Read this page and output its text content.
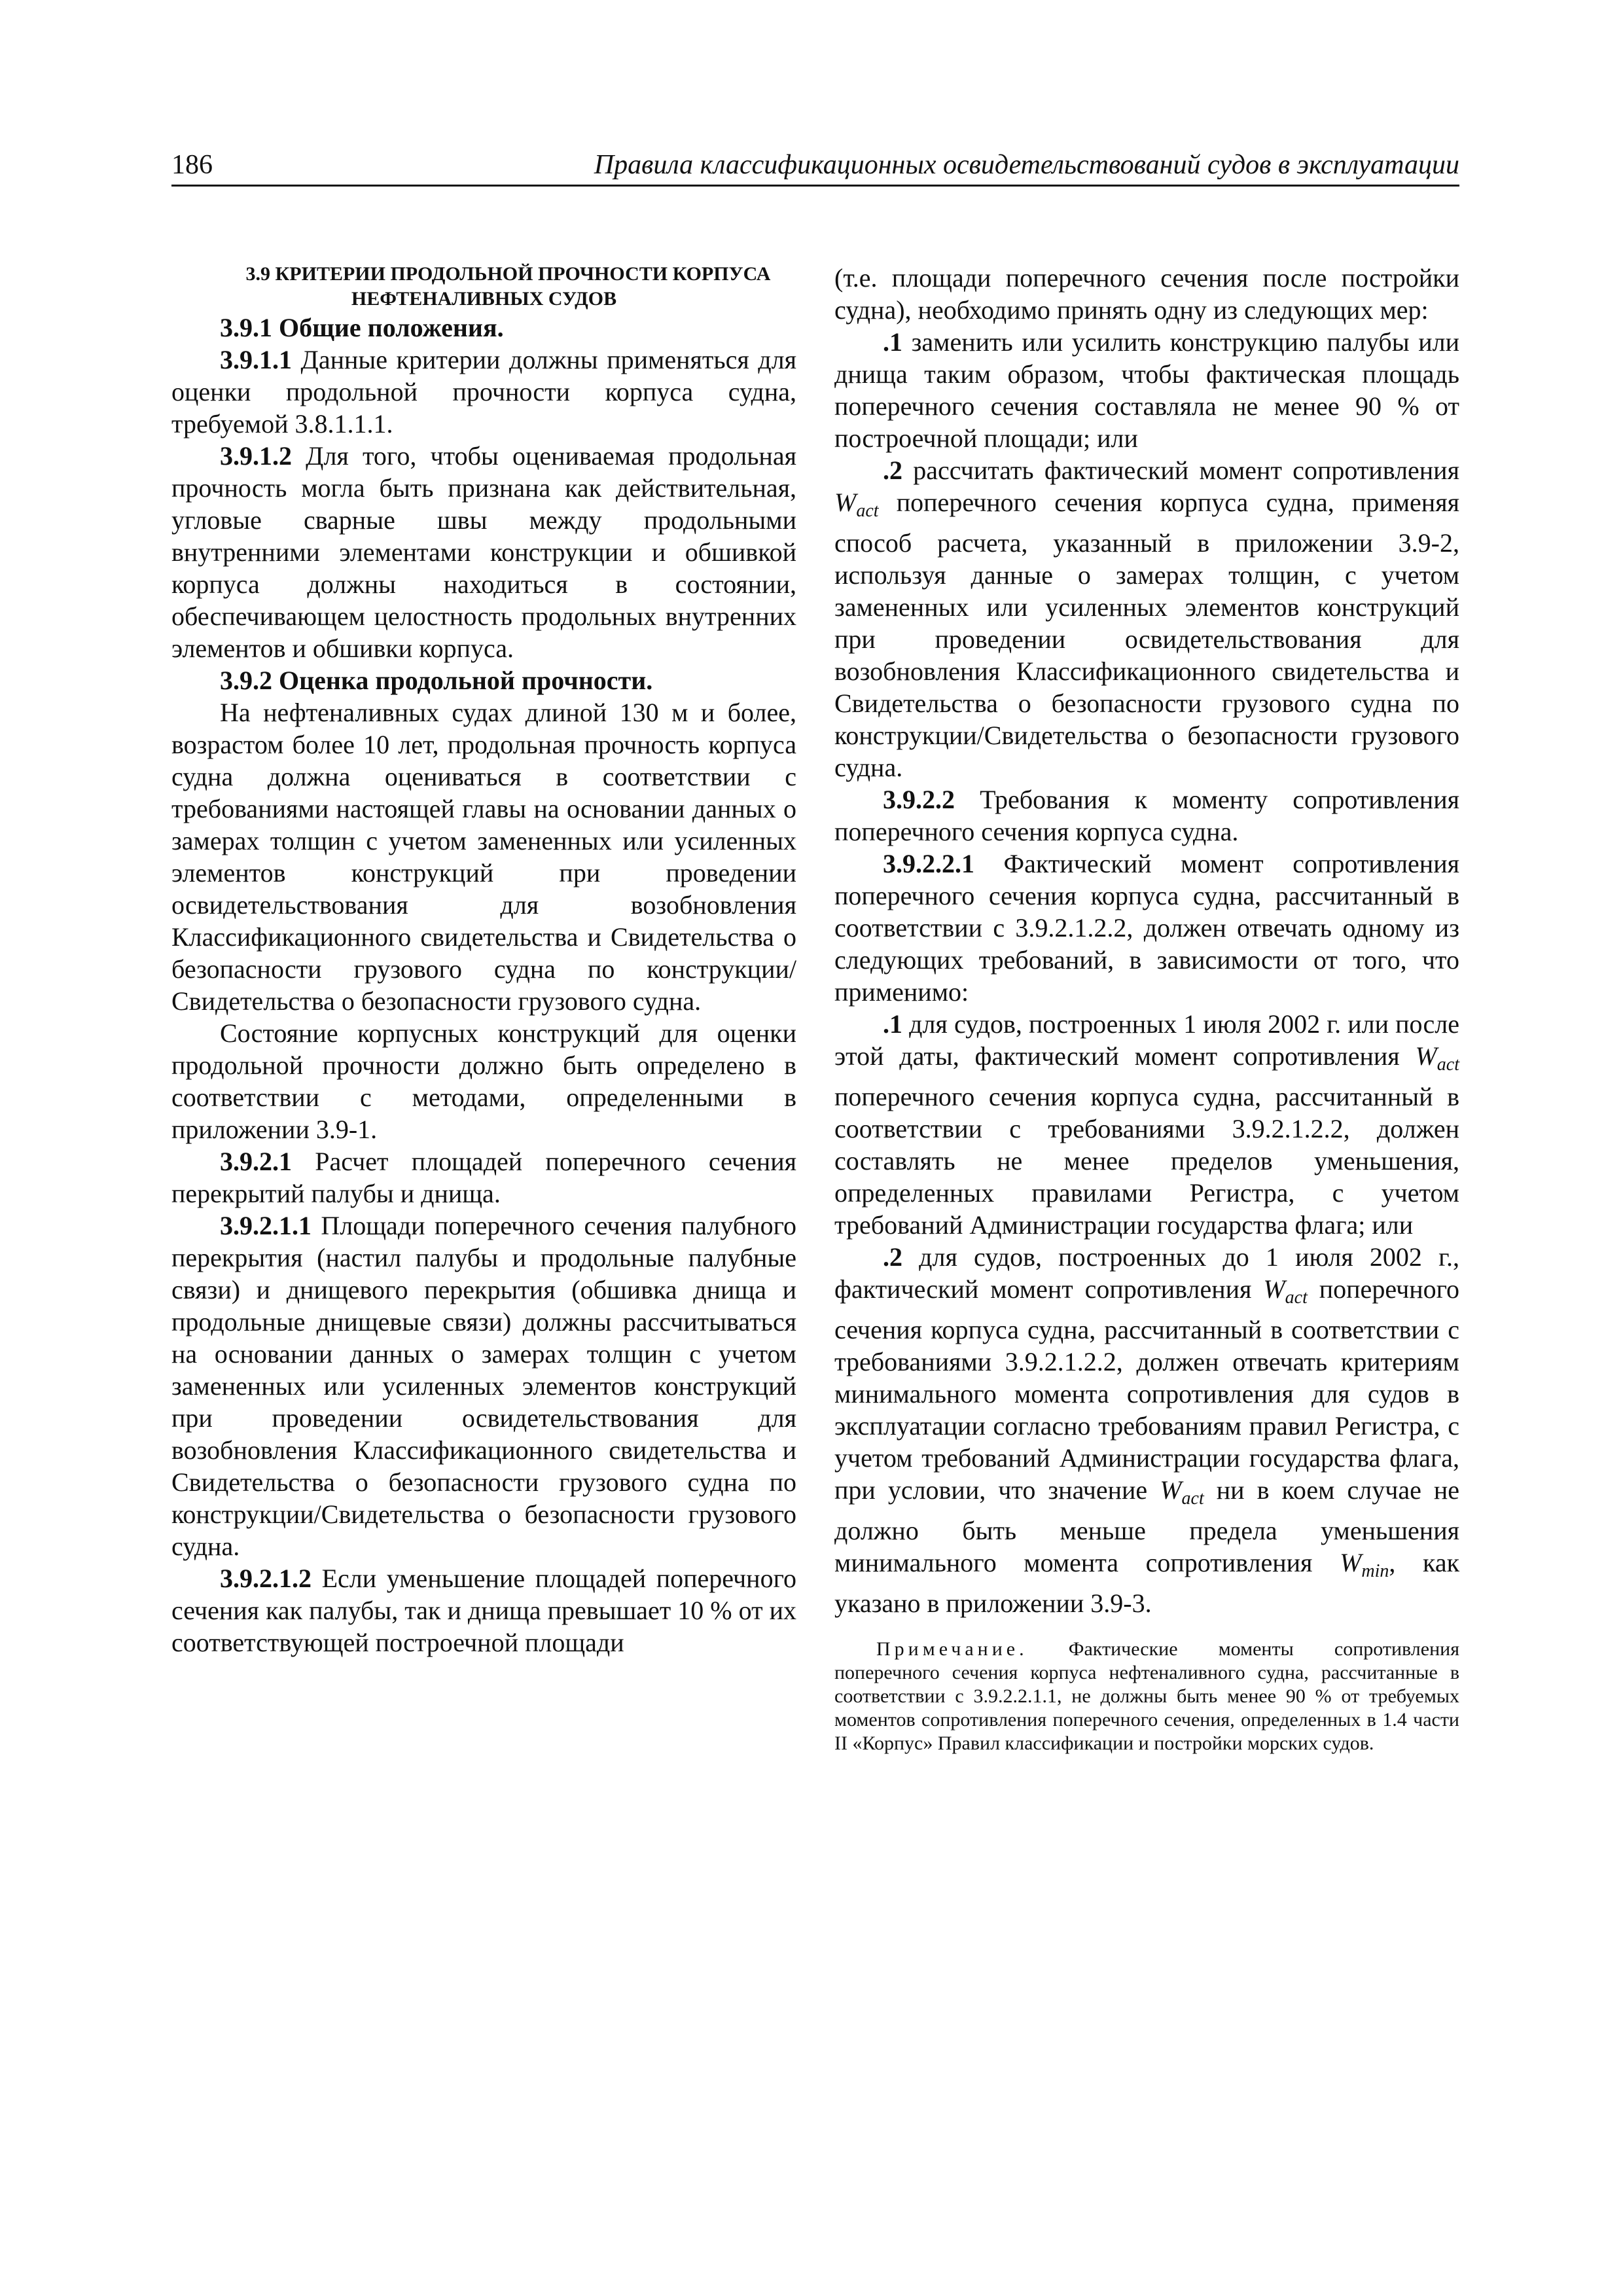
186	Правила классификационных освидетельствований судов в эксплуатации

3.9 КРИТЕРИИ ПРОДОЛЬНОЙ ПРОЧНОСТИ КОРПУСА НЕФТЕНАЛИВНЫХ СУДОВ

3.9.1 Общие положения.

3.9.1.1 Данные критерии должны применяться для оценки продольной прочности корпуса судна, требуемой 3.8.1.1.1.

3.9.1.2 Для того, чтобы оцениваемая продольная прочность могла быть признана как действительная, угловые сварные швы между продольными внутренними элементами конструкции и обшивкой корпуса должны находиться в состоянии, обеспечивающем целостность продольных внутренних элементов и обшивки корпуса.

3.9.2 Оценка продольной прочности.

На нефтеналивных судах длиной 130 м и более, возрастом более 10 лет, продольная прочность корпуса судна должна оцениваться в соответствии с требованиями настоящей главы на основании данных о замерах толщин с учетом замененных или усиленных элементов конструкций при проведении освидетельствования для возобновления Классификационного свидетельства и Свидетельства о безопасности грузового судна по конструкции/ Свидетельства о безопасности грузового судна.

Состояние корпусных конструкций для оценки продольной прочности должно быть определено в соответствии с методами, определенными в приложении 3.9-1.

3.9.2.1 Расчет площадей поперечного сечения перекрытий палубы и днища.

3.9.2.1.1 Площади поперечного сечения палубного перекрытия (настил палубы и продольные палубные связи) и днищевого перекрытия (обшивка днища и продольные днищевые связи) должны рассчитываться на основании данных о замерах толщин с учетом замененных или усиленных элементов конструкций при проведении освидетельствования для возобновления Классификационного свидетельства и Свидетельства о безопасности грузового судна по конструкции/Свидетельства о безопасности грузового судна.

3.9.2.1.2 Если уменьшение площадей поперечного сечения как палубы, так и днища превышает 10 % от их соответствующей построечной площади

(т.е. площади поперечного сечения после постройки судна), необходимо принять одну из следующих мер:

.1 заменить или усилить конструкцию палубы или днища таким образом, чтобы фактическая площадь поперечного сечения составляла не менее 90 % от построечной площади; или

.2 рассчитать фактический момент сопротивления $W_{act}$ поперечного сечения корпуса судна, применяя способ расчета, указанный в приложении 3.9-2, используя данные о замерах толщин, с учетом замененных или усиленных элементов конструкций при проведении освидетельствования для возобновления Классификационного свидетельства и Свидетельства о безопасности грузового судна по конструкции/Свидетельства о безопасности грузового судна.

3.9.2.2 Требования к моменту сопротивления поперечного сечения корпуса судна.

3.9.2.2.1 Фактический момент сопротивления поперечного сечения корпуса судна, рассчитанный в соответствии с 3.9.2.1.2.2, должен отвечать одному из следующих требований, в зависимости от того, что применимо:

.1 для судов, построенных 1 июля 2002 г. или после этой даты, фактический момент сопротивления $W_{act}$ поперечного сечения корпуса судна, рассчитанный в соответствии с требованиями 3.9.2.1.2.2, должен составлять не менее пределов уменьшения, определенных правилами Регистра, с учетом требований Администрации государства флага; или

.2 для судов, построенных до 1 июля 2002 г., фактический момент сопротивления $W_{act}$ поперечного сечения корпуса судна, рассчитанный в соответствии с требованиями 3.9.2.1.2.2, должен отвечать критериям минимального момента сопротивления для судов в эксплуатации согласно требованиям правил Регистра, с учетом требований Администрации государства флага, при условии, что значение $W_{act}$ ни в коем случае не должно быть меньше предела уменьшения минимального момента сопротивления $W_{min}$, как указано в приложении 3.9-3.

Примечание. Фактические моменты сопротивления поперечного сечения корпуса нефтеналивного судна, рассчитанные в соответствии с 3.9.2.2.1.1, не должны быть менее 90 % от требуемых моментов сопротивления поперечного сечения, определенных в 1.4 части II «Корпус» Правил классификации и постройки морских судов.
